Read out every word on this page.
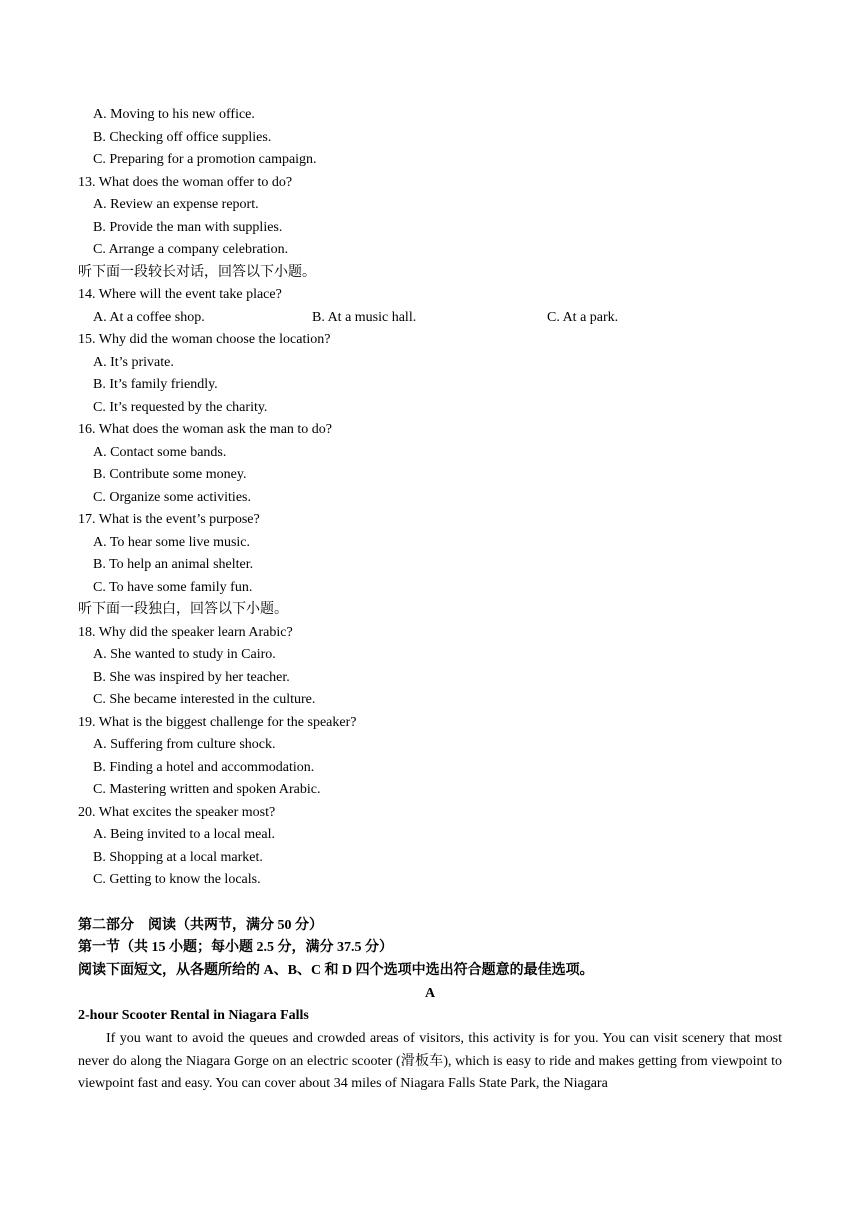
A. Moving to his new office.
B. Checking off office supplies.
C. Preparing for a promotion campaign.
13. What does the woman offer to do?
A. Review an expense report.
B. Provide the man with supplies.
C. Arrange a company celebration.
听下面一段较长对话，回答以下小题。
14. Where will the event take place?
A. At a coffee shop.	B. At a music hall.	C. At a park.
15. Why did the woman choose the location?
A. It’s private.
B. It’s family friendly.
C. It’s requested by the charity.
16. What does the woman ask the man to do?
A. Contact some bands.
B. Contribute some money.
C. Organize some activities.
17. What is the event’s purpose?
A. To hear some live music.
B. To help an animal shelter.
C. To have some family fun.
听下面一段独白，回答以下小题。
18. Why did the speaker learn Arabic?
A. She wanted to study in Cairo.
B. She was inspired by her teacher.
C. She became interested in the culture.
19. What is the biggest challenge for the speaker?
A. Suffering from culture shock.
B. Finding a hotel and accommodation.
C. Mastering written and spoken Arabic.
20. What excites the speaker most?
A. Being invited to a local meal.
B. Shopping at a local market.
C. Getting to know the locals.
第二部分　阅读（共两节，满分 50 分）
第一节（共 15 小题；每小题 2.5 分，满分 37.5 分）
阅读下面短文，从各题所给的 A、B、C 和 D 四个选项中选出符合题意的最佳选项。
A
2-hour Scooter Rental in Niagara Falls
If you want to avoid the queues and crowded areas of visitors, this activity is for you. You can visit scenery that most never do along the Niagara Gorge on an electric scooter (滑板车), which is easy to ride and makes getting from viewpoint to viewpoint fast and easy. You can cover about 34 miles of Niagara Falls State Park, the Niagara
